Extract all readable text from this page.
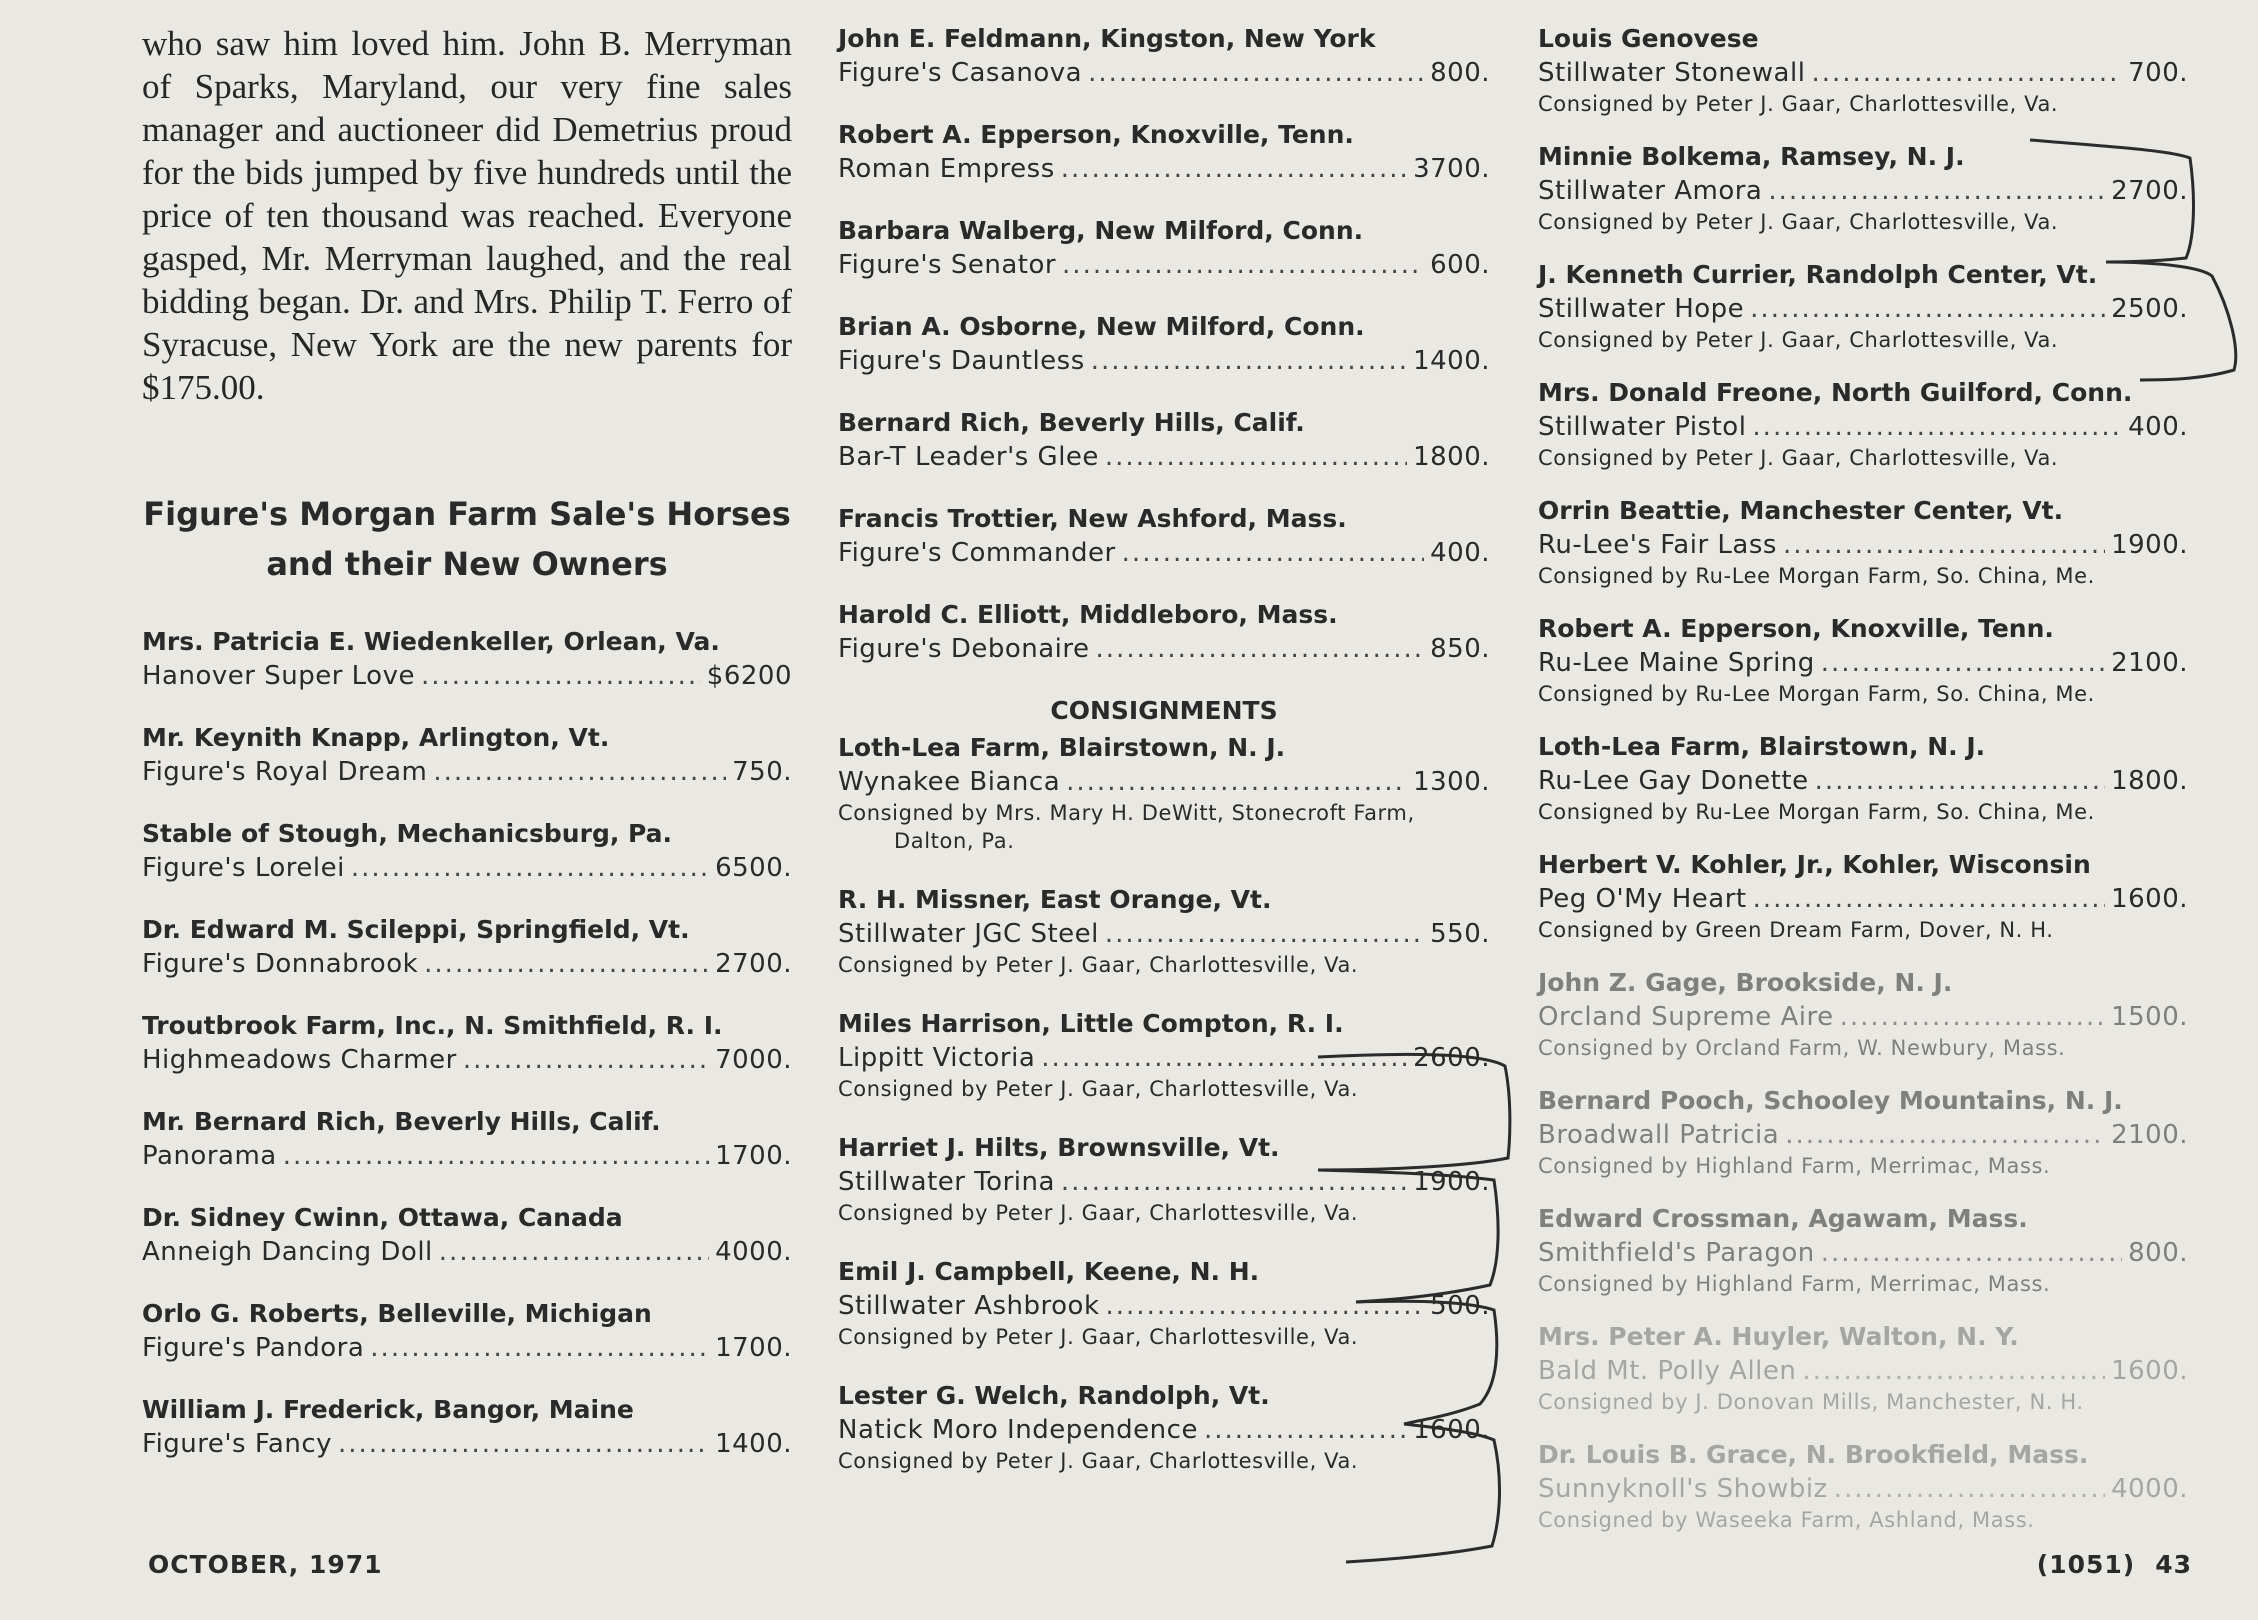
who saw him loved him. John B. Merryman of Sparks, Maryland, our very fine sales manager and auctioneer did Demetrius proud for the bids jumped by five hundreds until the price of ten thousand was reached. Everyone gasped, Mr. Merryman laughed, and the real bidding began. Dr. and Mrs. Philip T. Ferro of Syracuse, New York are the new parents for $175.00.

Figure's Morgan Farm Sale's Horses
and their New Owners
Mrs. Patricia E. Wiedenkeller, Orlean, Va.
Hanover Super Love .....	$6200
Mr. Keynith Knapp, Arlington, Vt.
Figure's Royal Dream .....	750.
Stable of Stough, Mechanicsburg, Pa.
Figure's Lorelei .....	6500.
Dr. Edward M. Scileppi, Springfield, Vt.
Figure's Donnabrook .....	2700.
Troutbrook Farm, Inc., N. Smithfield, R. I.
Highmeadows Charmer .....	7000.
Mr. Bernard Rich, Beverly Hills, Calif.
Panorama .....	1700.
Dr. Sidney Cwinn, Ottawa, Canada
Anneigh Dancing Doll .....	4000.
Orlo G. Roberts, Belleville, Michigan
Figure's Pandora .....	1700.
William J. Frederick, Bangor, Maine
Figure's Fancy .....	1400.
John E. Feldmann, Kingston, New York
Figure's Casanova .....	800.
Robert A. Epperson, Knoxville, Tenn.
Roman Empress .....	3700.
Barbara Walberg, New Milford, Conn.
Figure's Senator .....	600.
Brian A. Osborne, New Milford, Conn.
Figure's Dauntless .....	1400.
Bernard Rich, Beverly Hills, Calif.
Bar-T Leader's Glee .....	1800.
Francis Trottier, New Ashford, Mass.
Figure's Commander .....	400.
Harold C. Elliott, Middleboro, Mass.
Figure's Debonaire .....	850.
CONSIGNMENTS
Loth-Lea Farm, Blairstown, N. J.
Wynakee Bianca .....	1300.
Consigned by Mrs. Mary H. DeWitt, Stonecroft Farm, Dalton, Pa.
R. H. Missner, East Orange, Vt.
Stillwater JGC Steel .....	550.
Consigned by Peter J. Gaar, Charlottesville, Va.
Miles Harrison, Little Compton, R. I.
Lippitt Victoria .....	2600.
Consigned by Peter J. Gaar, Charlottesville, Va.
Harriet J. Hilts, Brownsville, Vt.
Stillwater Torina .....	1900.
Consigned by Peter J. Gaar, Charlottesville, Va.
Emil J. Campbell, Keene, N. H.
Stillwater Ashbrook .....	500.
Consigned by Peter J. Gaar, Charlottesville, Va.
Lester G. Welch, Randolph, Vt.
Natick Moro Independence .....	1600.
Consigned by Peter J. Gaar, Charlottesville, Va.
Louis Genovese
Stillwater Stonewall .....	700.
Consigned by Peter J. Gaar, Charlottesville, Va.
Minnie Bolkema, Ramsey, N. J.
Stillwater Amora .....	2700.
Consigned by Peter J. Gaar, Charlottesville, Va.
J. Kenneth Currier, Randolph Center, Vt.
Stillwater Hope .....	2500.
Consigned by Peter J. Gaar, Charlottesville, Va.
Mrs. Donald Freone, North Guilford, Conn.
Stillwater Pistol .....	400.
Consigned by Peter J. Gaar, Charlottesville, Va.
Orrin Beattie, Manchester Center, Vt.
Ru-Lee's Fair Lass .....	1900.
Consigned by Ru-Lee Morgan Farm, So. China, Me.
Robert A. Epperson, Knoxville, Tenn.
Ru-Lee Maine Spring .....	2100.
Consigned by Ru-Lee Morgan Farm, So. China, Me.
Loth-Lea Farm, Blairstown, N. J.
Ru-Lee Gay Donette .....	1800.
Consigned by Ru-Lee Morgan Farm, So. China, Me.
Herbert V. Kohler, Jr., Kohler, Wisconsin
Peg O'My Heart .....	1600.
Consigned by Green Dream Farm, Dover, N. H.
John Z. Gage, Brookside, N. J.
Orcland Supreme Aire .....	1500.
Consigned by Orcland Farm, W. Newbury, Mass.
Bernard Pooch, Schooley Mountains, N. J.
Broadwall Patricia .....	2100.
Consigned by Highland Farm, Merrimac, Mass.
Edward Crossman, Agawam, Mass.
Smithfield's Paragon .....	800.
Consigned by Highland Farm, Merrimac, Mass.
Mrs. Peter A. Huyler, Walton, N. Y.
Bald Mt. Polly Allen .....	1600.
Consigned by J. Donovan Mills, Manchester, N. H.
Dr. Louis B. Grace, N. Brookfield, Mass.
Sunnyknoll's Showbiz .....	4000.
Consigned by Waseeka Farm, Ashland, Mass.
OCTOBER, 1971	(1051) 43
